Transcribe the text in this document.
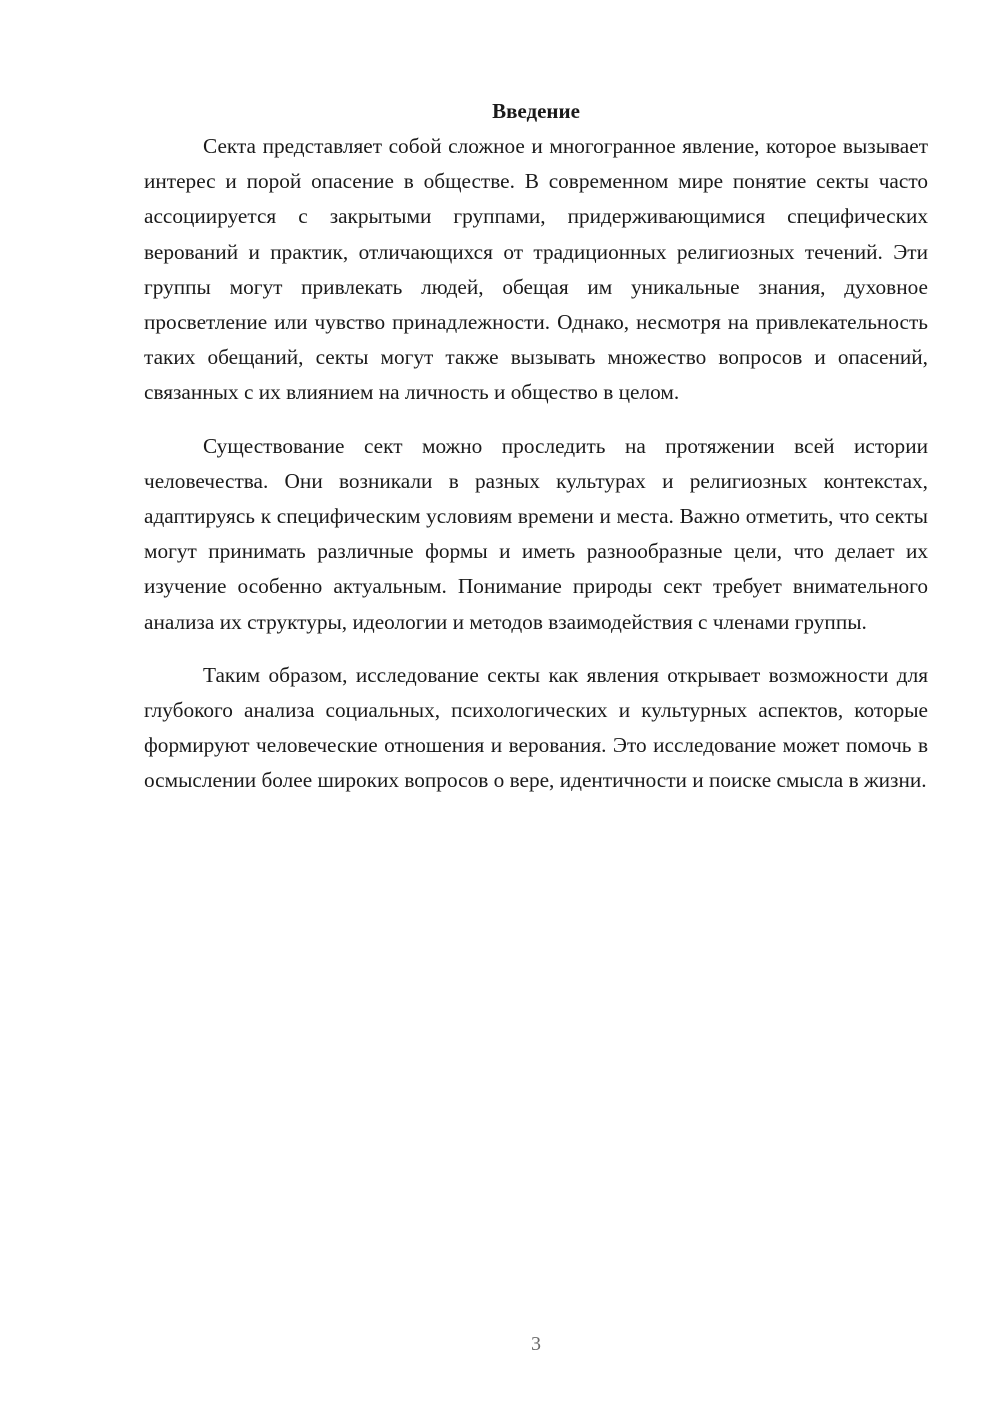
Введение

Секта представляет собой сложное и многогранное явление, которое вызывает интерес и порой опасение в обществе. В современном мире понятие секты часто ассоциируется с закрытыми группами, придерживающимися специфических верований и практик, отличающихся от традиционных религиозных течений. Эти группы могут привлекать людей, обещая им уникальные знания, духовное просветление или чувство принадлежности. Однако, несмотря на привлекательность таких обещаний, секты могут также вызывать множество вопросов и опасений, связанных с их влиянием на личность и общество в целом.

Существование сект можно проследить на протяжении всей истории человечества. Они возникали в разных культурах и религиозных контекстах, адаптируясь к специфическим условиям времени и места. Важно отметить, что секты могут принимать различные формы и иметь разнообразные цели, что делает их изучение особенно актуальным. Понимание природы сект требует внимательного анализа их структуры, идеологии и методов взаимодействия с членами группы.

Таким образом, исследование секты как явления открывает возможности для глубокого анализа социальных, психологических и культурных аспектов, которые формируют человеческие отношения и верования. Это исследование может помочь в осмыслении более широких вопросов о вере, идентичности и поиске смысла в жизни.

3
